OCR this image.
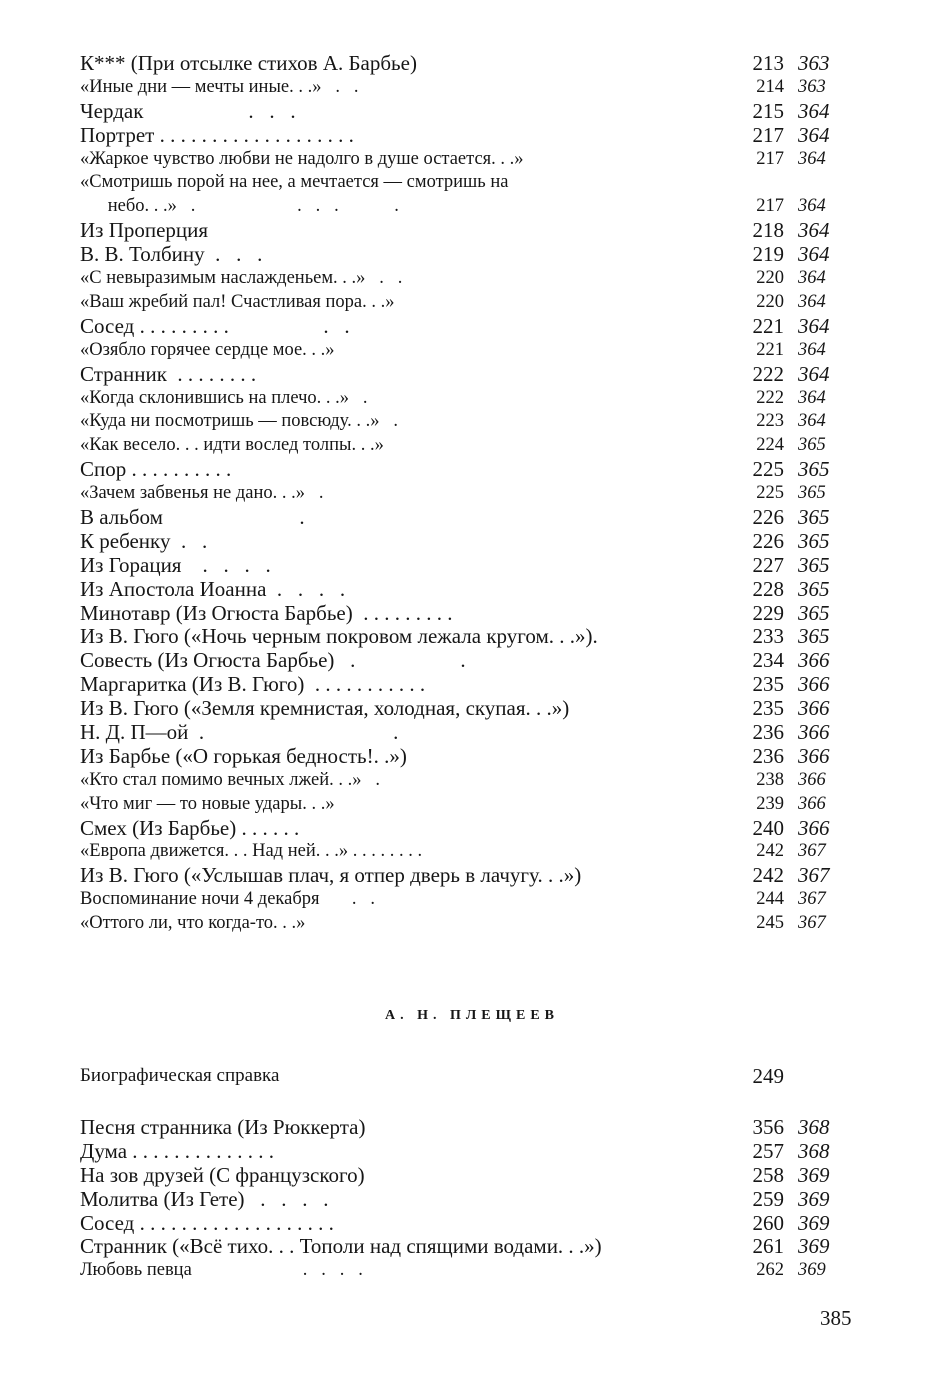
К*** (При отсылке стихов А. Барбье)	213 363
«Иные дни — мечты иные. . .»   .   .	214 363
Чердак                    .   .   .	215 364
Портрет . . . . . . . . . . . . . . . . . . .	217 364
«Жаркое чувство любви не надолго в душе остается. . .»	217 364
«Смотришь порой на нее, а мечтается — смотришь на
небо. . .»   .                      .   .   .            .	217 364
Из Проперция	218 364
В. В. Толбину  .   .   .	219 364
«С невыразимым наслажденьем. . .»   .   .	220 364
«Ваш жребий пал! Счастливая пора. . .»	220 364
Сосед . . . . . . . . .                  .   .	221 364
«Озябло горячее сердце мое. . .»	221 364
Странник  . . . . . . . .	222 364
«Когда склонившись на плечо. . .»   .	222 364
«Куда ни посмотришь — повсюду. . .»   .	223 364
«Как весело. . . идти вослед толпы. . .»	224 365
Спор . . . . . . . . . .	225 365
«Зачем забвенья не дано. . .»   .	225 365
В альбом                          .	226 365
К ребенку  .   .	226 365
Из Горация    .   .   .   .	227 365
Из Апостола Иоанна  .   .   .   .	228 365
Минотавр (Из Огюста Барбье)  . . . . . . . . .	229 365
Из В. Гюго («Ночь черным покровом лежала кругом. . .»).	233 365
Совесть (Из Огюста Барбье)   .                    .	234 366
Маргаритка (Из В. Гюго)  . . . . . . . . . . .	235 366
Из В. Гюго («Земля кремнистая, холодная, скупая. . .»)	235 366
Н. Д. П—ой  .                                    .	236 366
Из Барбье («О горькая бедность!. .»)	236 366
«Кто стал помимо вечных лжей. . .»   .	238 366
«Что миг — то новые удары. . .»	239 366
Смех (Из Барбье) . . . . . .	240 366
«Европа движется. . . Над ней. . .» . . . . . . . .	242 367
Из В. Гюго («Услышав плач, я отпер дверь в лачугу. . .»)	242 367
Воспоминание ночи 4 декабря       .   .	244 367
«Оттого ли, что когда-то. . .»	245 367
А. Н. ПЛЕЩЕЕВ
Биографическая справка	249
Песня странника (Из Рюккерта)	356 368
Дума . . . . . . . . . . . . . .	257 368
На зов друзей (С французского)	258 369
Молитва (Из Гете)   .   .   .   .	259 369
Сосед . . . . . . . . . . . . . . . . . . .	260 369
Странник («Всё тихо. . . Тополи над спящими водами. . .»)	261 369
Любовь певца                        .   .   .   .	262 369
385
